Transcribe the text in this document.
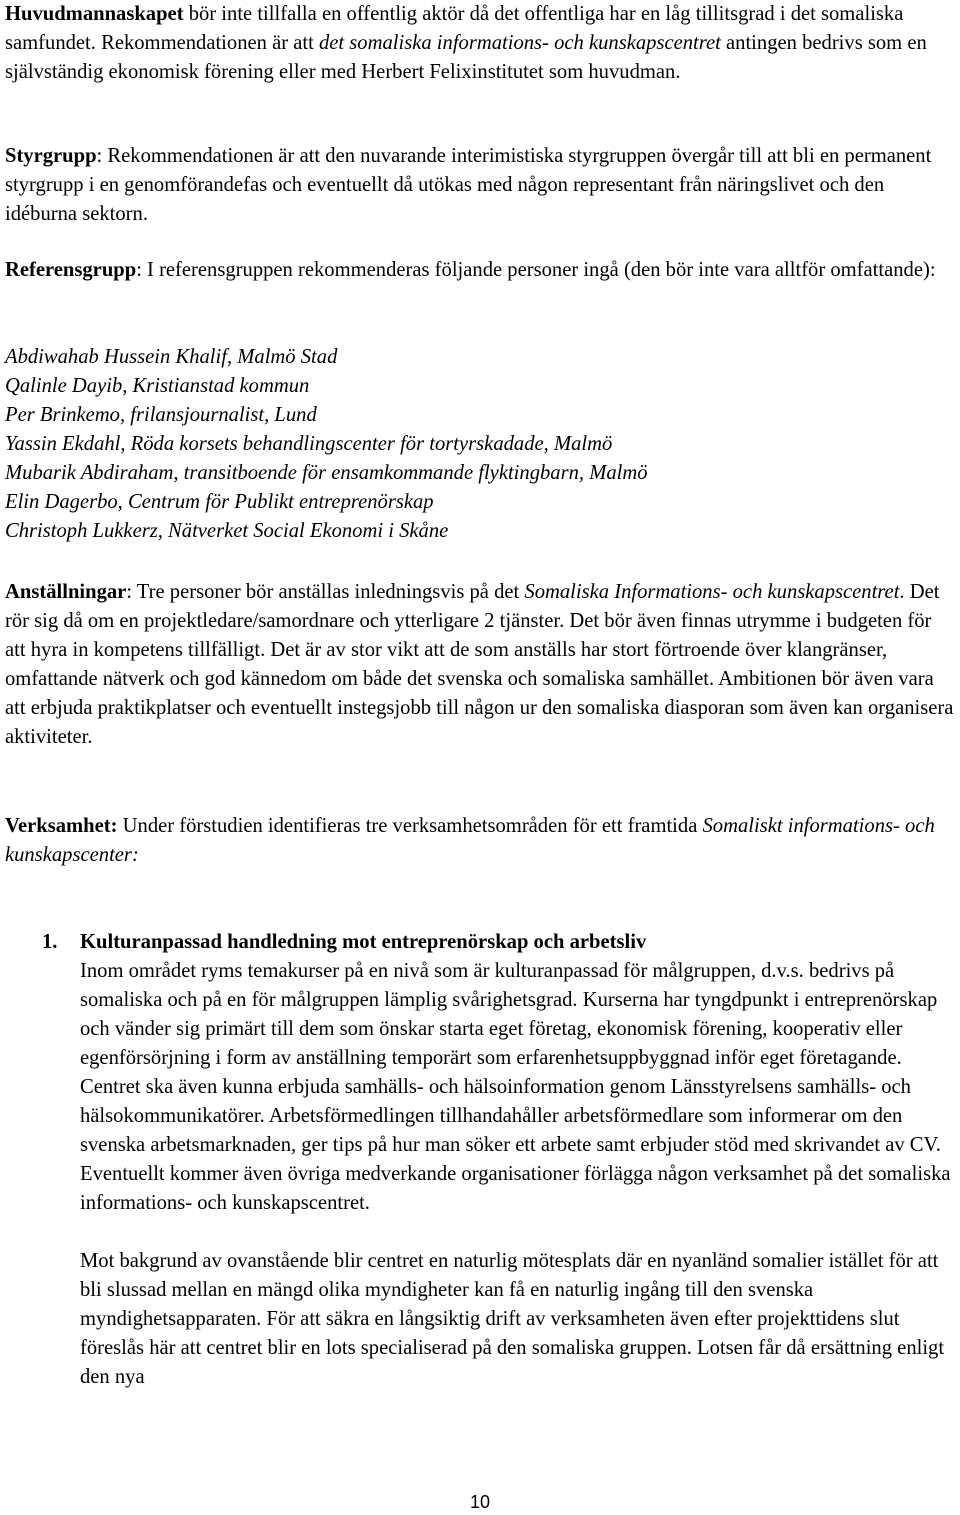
Huvudmannaskapet bör inte tillfalla en offentlig aktör då det offentliga har en låg tillitsgrad i det somaliska samfundet. Rekommendationen är att det somaliska informations- och kunskapscentret antingen bedrivs som en självständig ekonomisk förening eller med Herbert Felixinstitutet som huvudman.

Styrgrupp: Rekommendationen är att den nuvarande interimistiska styrgruppen övergår till att bli en permanent styrgrupp i en genomförandefas och eventuellt då utökas med någon representant från näringslivet och den idéburna sektorn.

Referensgrupp: I referensgruppen rekommenderas följande personer ingå (den bör inte vara alltför omfattande):

Abdiwahab Hussein Khalif, Malmö Stad

Qalinle Dayib, Kristianstad kommun

Per Brinkemo, frilansjournalist, Lund

Yassin Ekdahl, Röda korsets behandlingscenter för tortyrskadade, Malmö

Mubarik Abdiraham, transitboende för ensamkommande flyktingbarn, Malmö

Elin Dagerbo, Centrum för Publikt entreprenörskap

Christoph Lukkerz, Nätverket Social Ekonomi i Skåne

Anställningar: Tre personer bör anställas inledningsvis på det Somaliska Informations- och kunskapscentret. Det rör sig då om en projektledare/samordnare och ytterligare 2 tjänster. Det bör även finnas utrymme i budgeten för att hyra in kompetens tillfälligt. Det är av stor vikt att de som anställs har stort förtroende över klangränser, omfattande nätverk och god kännedom om både det svenska och somaliska samhället. Ambitionen bör även vara att erbjuda praktikplatser och eventuellt instegsjobb till någon ur den somaliska diasporan som även kan organisera aktiviteter.

Verksamhet: Under förstudien identifieras tre verksamhetsområden för ett framtida Somaliskt informations- och kunskapscenter:

1. Kulturanpassad handledning mot entreprenörskap och arbetsliv

Inom området ryms temakurser på en nivå som är kulturanpassad för målgruppen, d.v.s. bedrivs på somaliska och på en för målgruppen lämplig svårighetsgrad. Kurserna har tyngdpunkt i entreprenörskap och vänder sig primärt till dem som önskar starta eget företag, ekonomisk förening, kooperativ eller egenförsörjning i form av anställning temporärt som erfarenhetsuppbyggnad inför eget företagande. Centret ska även kunna erbjuda samhälls- och hälsoinformation genom Länsstyrelsens samhälls- och hälsokommunikatörer. Arbetsförmedlingen tillhandahåller arbetsförmedlare som informerar om den svenska arbetsmarknaden, ger tips på hur man söker ett arbete samt erbjuder stöd med skrivandet av CV. Eventuellt kommer även övriga medverkande organisationer förlägga någon verksamhet på det somaliska informations- och kunskapscentret.

Mot bakgrund av ovanstående blir centret en naturlig mötesplats där en nyanländ somalier istället för att bli slussad mellan en mängd olika myndigheter kan få en naturlig ingång till den svenska myndighetsapparaten. För att säkra en långsiktig drift av verksamheten även efter projekttidens slut föreslås här att centret blir en lots specialiserad på den somaliska gruppen. Lotsen får då ersättning enligt den nya

10
